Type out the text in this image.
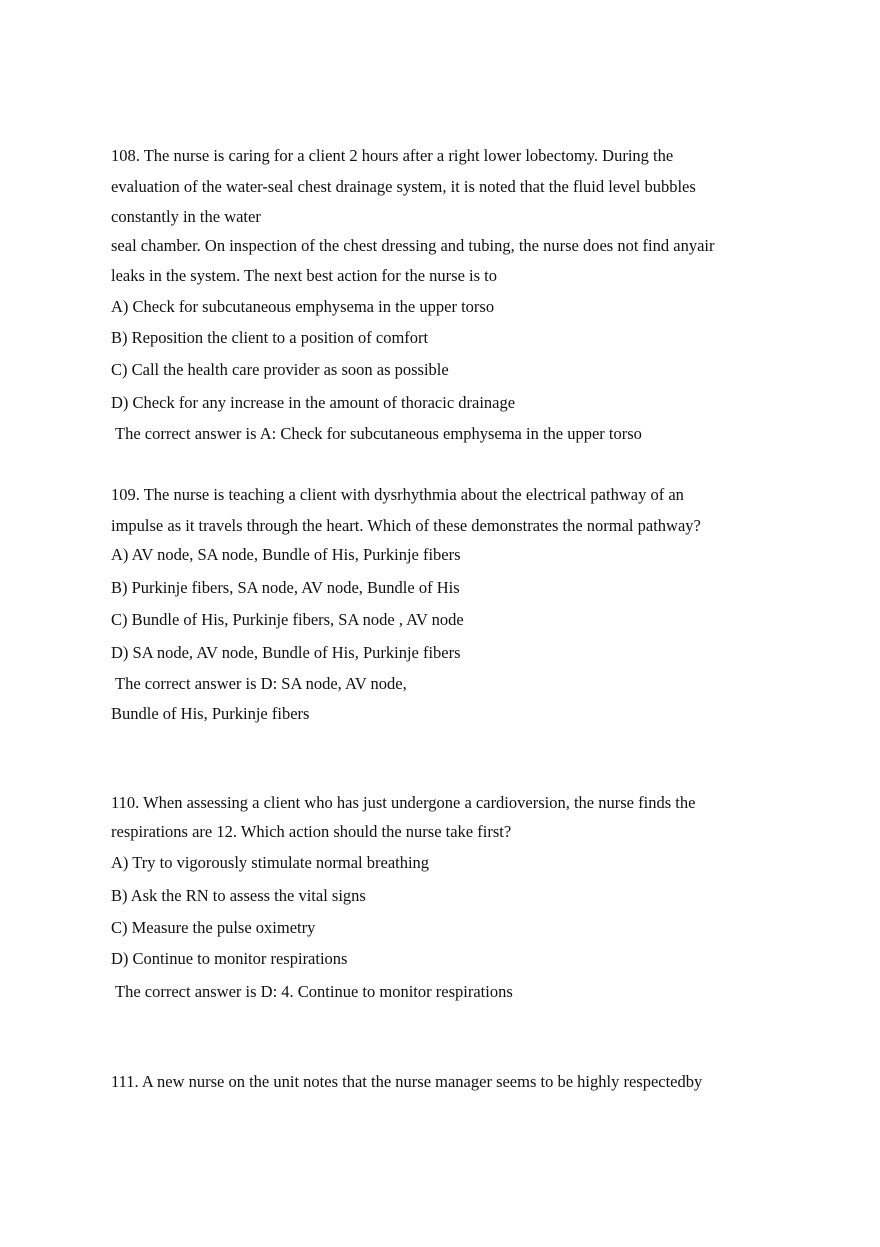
108. The nurse is caring for a client 2 hours after a right lower lobectomy. During the
evaluation of the water-seal chest drainage system, it is noted that the fluid level bubbles
constantly in the water
seal chamber. On inspection of the chest dressing and tubing, the nurse does not find anyair
leaks in the system. The next best action for the nurse is to
A) Check for subcutaneous emphysema in the upper torso
B) Reposition the client to a position of comfort
C) Call the health care provider as soon as possible
D) Check for any increase in the amount of thoracic drainage
The correct answer is A: Check for subcutaneous emphysema in the upper torso
109. The nurse is teaching a client with dysrhythmia about the electrical pathway of an
impulse as it travels through the heart. Which of these demonstrates the normal pathway?
A) AV node, SA node, Bundle of His, Purkinje fibers
B) Purkinje fibers, SA node, AV node, Bundle of His
C) Bundle of His, Purkinje fibers, SA node , AV node
D) SA node, AV node, Bundle of His, Purkinje fibers
The correct answer is D: SA node, AV node,
Bundle of His, Purkinje fibers
110. When assessing a client who has just undergone a cardioversion, the nurse finds the
respirations are 12. Which action should the nurse take first?
A) Try to vigorously stimulate normal breathing
B) Ask the RN to assess the vital signs
C) Measure the pulse oximetry
D) Continue to monitor respirations
The correct answer is D: 4. Continue to monitor respirations
111. A new nurse on the unit notes that the nurse manager seems to be highly respectedby
